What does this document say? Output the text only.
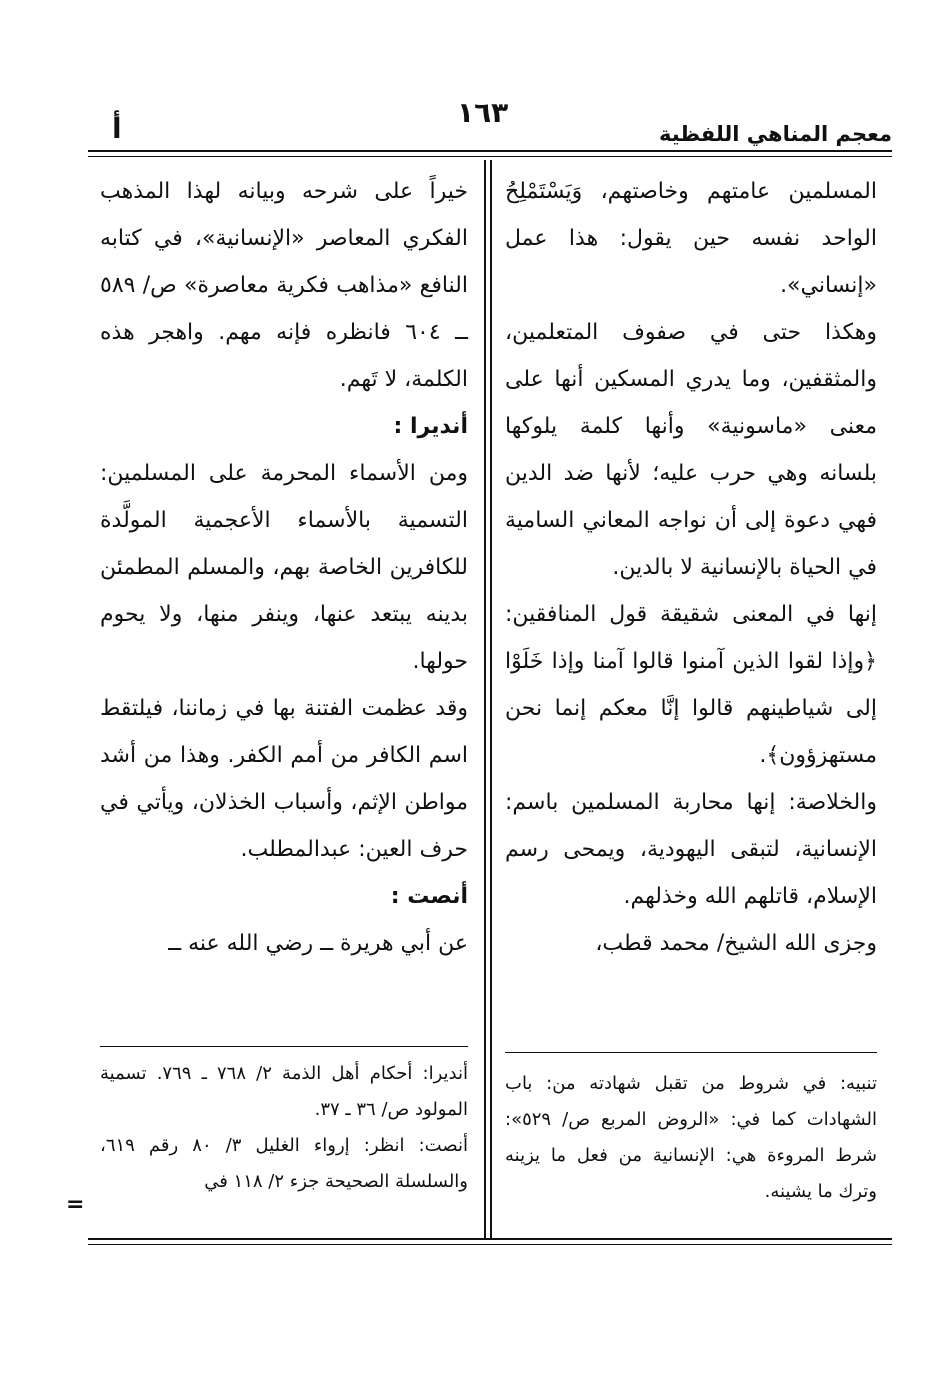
معجم المناهي اللفظية
١٦٣
أ

المسلمين عامتهم وخاصتهم، وَيَسْتَمْلِحُ الواحد نفسه حين يقول: هذا عمل «إنساني».

وهكذا حتى في صفوف المتعلمين، والمثقفين، وما يدري المسكين أنها على معنى «ماسونية» وأنها كلمة يلوكها بلسانه وهي حرب عليه؛ لأنها ضد الدين فهي دعوة إلى أن نواجه المعاني السامية في الحياة بالإنسانية لا بالدين.

إنها في المعنى شقيقة قول المنافقين: ﴿وإذا لقوا الذين آمنوا قالوا آمنا وإذا خَلَوْا إلى شياطينهم قالوا إنَّا معكم إنما نحن مستهزؤون﴾.

والخلاصة: إنها محاربة المسلمين باسم: الإنسانية، لتبقى اليهودية، ويمحى رسم الإسلام، قاتلهم الله وخذلهم.

وجزى الله الشيخ/ محمد قطب،

خيراً على شرحه وبيانه لهذا المذهب الفكري المعاصر «الإنسانية»، في كتابه النافع «مذاهب فكرية معاصرة» ص/ ٥٨٩ ــ ٦٠٤ فانظره فإنه مهم. واهجر هذه الكلمة، لا تَهم.

أنديرا :

ومن الأسماء المحرمة على المسلمين: التسمية بالأسماء الأعجمية المولَّدة للكافرين الخاصة بهم، والمسلم المطمئن بدينه يبتعد عنها، وينفر منها، ولا يحوم حولها.

وقد عظمت الفتنة بها في زماننا، فيلتقط اسم الكافر من أمم الكفر. وهذا من أشد مواطن الإثم، وأسباب الخذلان، ويأتي في حرف العين: عبدالمطلب.

أنصت :

عن أبي هريرة ــ رضي الله عنه ــ

تنبيه: في شروط من تقبل شهادته من: باب الشهادات كما في: «الروض المربع ص/ ٥٢٩»: شرط المروءة هي: الإنسانية من فعل ما يزينه وترك ما يشينه.

أنديرا: أحكام أهل الذمة ٢/ ٧٦٨ ـ ٧٦٩. تسمية المولود ص/ ٣٦ ـ ٣٧.

أنصت: انظر: إرواء الغليل ٣/ ٨٠ رقم ٦١٩، والسلسلة الصحيحة جزء ٢/ ١١٨ في

=
